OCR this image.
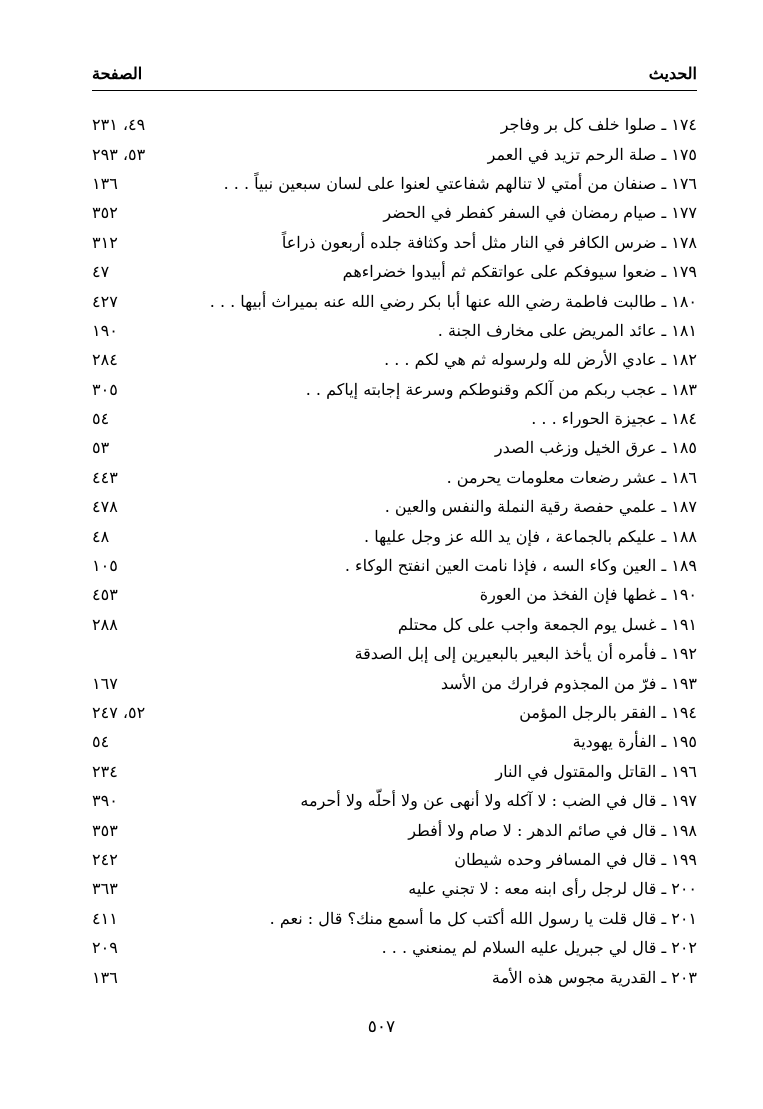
الحديث
الصفحة
١٧٤ ـ صلوا خلف كل بر وفاجر
٤٩، ٢٣١
١٧٥ ـ صلة الرحم تزيد في العمر
٥٣، ٢٩٣
١٧٦ ـ صنفان من أمتي لا تنالهم شفاعتي لعنوا على لسان سبعين نبياً . . .
١٣٦
١٧٧ ـ صيام رمضان في السفر كفطر في الحضر
٣٥٢
١٧٨ ـ ضرس الكافر في النار مثل أحد وكثافة جلده أربعون ذراعاً
٣١٢
١٧٩ ـ ضعوا سيوفكم على عواتقكم ثم أبيدوا خضراءهم
٤٧
١٨٠ ـ طالبت فاطمة رضي الله عنها أبا بكر رضي الله عنه بميراث أبيها . . .
٤٢٧
١٨١ ـ عائد المريض على مخارف الجنة .
١٩٠
١٨٢ ـ عادي الأرض لله ولرسوله ثم هي لكم . . .
٢٨٤
١٨٣ ـ عجب ربكم من آلكم وقنوطكم وسرعة إجابته إياكم . .
٣٠٥
١٨٤ ـ عجيزة الحوراء . . .
٥٤
١٨٥ ـ عرق الخيل وزغب الصدر
٥٣
١٨٦ ـ عشر رضعات معلومات يحرمن .
٤٤٣
١٨٧ ـ علمي حفصة رقية النملة والنفس والعين .
٤٧٨
١٨٨ ـ عليكم بالجماعة ، فإن يد الله عز وجل عليها .
٤٨
١٨٩ ـ العين وكاء السه ، فإذا نامت العين انفتح الوكاء .
١٠٥
١٩٠ ـ غطها فإن الفخذ من العورة
٤٥٣
١٩١ ـ غسل يوم الجمعة واجب على كل محتلم
٢٨٨
١٩٢ ـ فأمره أن يأخذ البعير بالبعيرين إلى إبل الصدقة
١٩٣ ـ فرّ من المجذوم فرارك من الأسد
١٦٧
١٩٤ ـ الفقر بالرجل المؤمن
٥٢، ٢٤٧
١٩٥ ـ الفأرة يهودية
٥٤
١٩٦ ـ القاتل والمقتول في النار
٢٣٤
١٩٧ ـ قال في الضب : لا آكله ولا أنهى عن ولا أحلّه ولا أحرمه
٣٩٠
١٩٨ ـ قال في صائم الدهر : لا صام ولا أفطر
٣٥٣
١٩٩ ـ قال في المسافر وحده شيطان
٢٤٢
٢٠٠ ـ قال لرجل رأى ابنه معه : لا تجني عليه
٣٦٣
٢٠١ ـ قال قلت يا رسول الله أكتب كل ما أسمع منك؟ قال : نعم .
٤١١
٢٠٢ ـ قال لي جبريل عليه السلام لم يمنعني . . .
٢٠٩
٢٠٣ ـ القدرية مجوس هذه الأمة
١٣٦
٥٠٧
